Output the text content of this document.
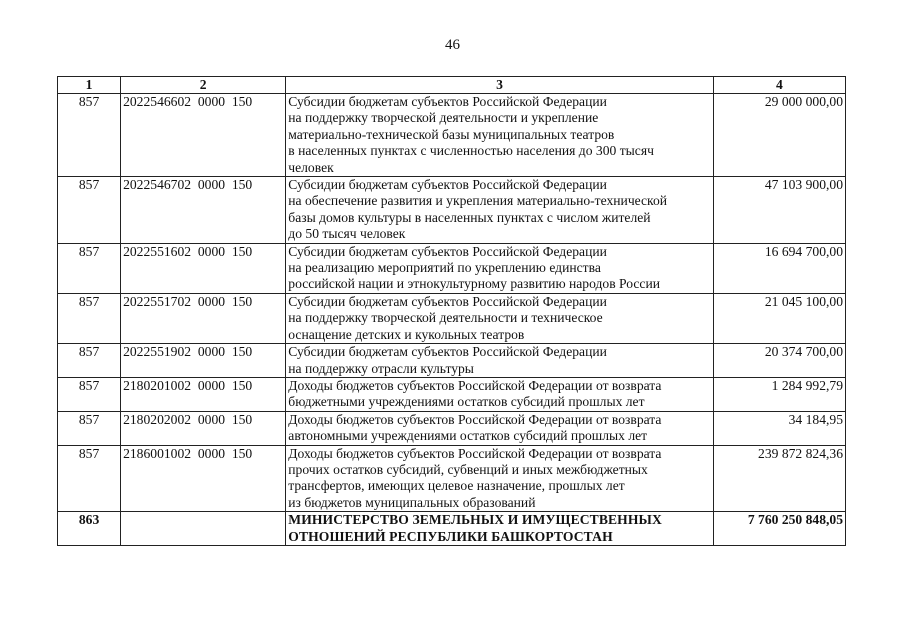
46
1	2	3	4
857	2022546602  0000  150	Субсидии бюджетам субъектов Российской Федерации
на поддержку творческой деятельности и укрепление
материально-технической базы муниципальных театров
в населенных пунктах с численностью населения до 300 тысяч
человек	29 000 000,00
857	2022546702  0000  150	Субсидии бюджетам субъектов Российской Федерации
на обеспечение развития и укрепления материально-технической
базы домов культуры в населенных пунктах с числом жителей
до 50 тысяч человек	47 103 900,00
857	2022551602  0000  150	Субсидии бюджетам субъектов Российской Федерации
на реализацию мероприятий по укреплению единства
российской нации и этнокультурному развитию народов России	16 694 700,00
857	2022551702  0000  150	Субсидии бюджетам субъектов Российской Федерации
на поддержку творческой деятельности и техническое
оснащение детских и кукольных театров	21 045 100,00
857	2022551902  0000  150	Субсидии бюджетам субъектов Российской Федерации
на поддержку отрасли культуры	20 374 700,00
857	2180201002  0000  150	Доходы бюджетов субъектов Российской Федерации от возврата
бюджетными учреждениями остатков субсидий прошлых лет	1 284 992,79
857	2180202002  0000  150	Доходы бюджетов субъектов Российской Федерации от возврата
автономными учреждениями остатков субсидий прошлых лет	34 184,95
857	2186001002  0000  150	Доходы бюджетов субъектов Российской Федерации от возврата
прочих остатков субсидий, субвенций и иных межбюджетных
трансфертов, имеющих целевое назначение, прошлых лет
из бюджетов муниципальных образований	239 872 824,36
863		МИНИСТЕРСТВО ЗЕМЕЛЬНЫХ И ИМУЩЕСТВЕННЫХ
ОТНОШЕНИЙ РЕСПУБЛИКИ БАШКОРТОСТАН	7 760 250 848,05
